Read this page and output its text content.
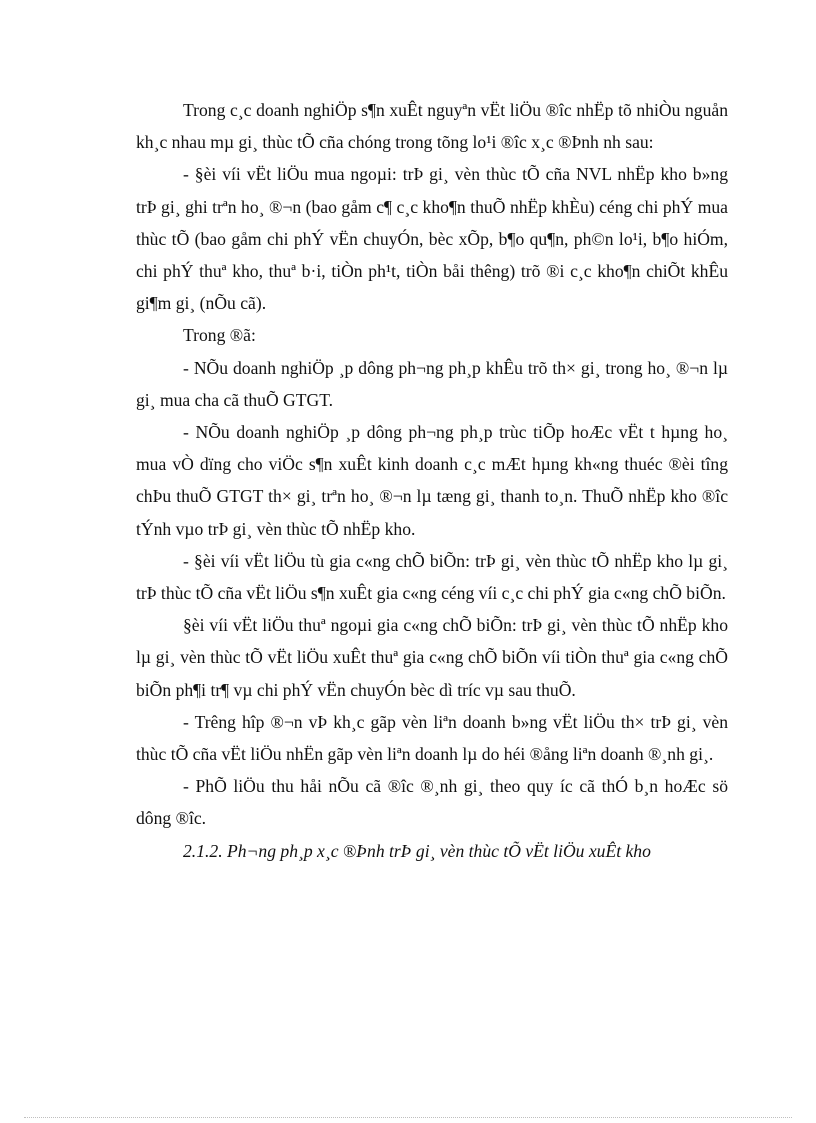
Trong c¸c doanh nghiÖp s¶n xuÊt nguyªn vËt liÖu ®îc nhËp tõ nhiÒu nguån kh¸c nhau mµ gi¸ thùc tÕ cña chóng trong tõng lo¹i ®îc x¸c ®Þnh nh sau:

- §èi víi vËt liÖu mua ngoµi: trÞ gi¸ vèn thùc tÕ cña NVL nhËp kho b»ng trÞ gi¸ ghi trªn ho¸ ®¬n (bao gåm c¶ c¸c kho¶n thuÕ nhËp khÈu) céng chi phÝ mua thùc tÕ (bao gåm chi phÝ vËn chuyÓn, bèc xÕp, b¶o qu¶n, ph©n lo¹i, b¶o hiÓm, chi phÝ thuª kho, thuª b·i, tiÒn ph¹t, tiÒn båi thêng) trõ ®i c¸c kho¶n chiÕt khÊu gi¶m gi¸ (nÕu cã).

Trong ®ã:

- NÕu doanh nghiÖp ¸p dông ph¬ng ph¸p khÊu trõ th× gi¸ trong ho¸ ®¬n lµ gi¸ mua cha cã thuÕ GTGT.

- NÕu doanh nghiÖp ¸p dông ph¬ng ph¸p trùc tiÕp hoÆc vËt t hµng ho¸ mua vÒ dïng cho viÖc s¶n xuÊt kinh doanh c¸c mÆt hµng kh«ng thuéc ®èi tîng chÞu thuÕ GTGT th× gi¸ trªn ho¸ ®¬n lµ tæng gi¸ thanh to¸n. ThuÕ nhËp kho ®îc tÝnh vµo trÞ gi¸ vèn thùc tÕ nhËp kho.

- §èi víi vËt liÖu tù gia c«ng chÕ biÕn: trÞ gi¸ vèn thùc tÕ nhËp kho lµ gi¸ trÞ thùc tÕ cña vËt liÖu s¶n xuÊt gia c«ng céng víi c¸c chi phÝ gia c«ng chÕ biÕn.

§èi víi vËt liÖu thuª ngoµi gia c«ng chÕ biÕn: trÞ gi¸ vèn thùc tÕ nhËp kho lµ gi¸ vèn thùc tÕ vËt liÖu xuÊt thuª gia c«ng chÕ biÕn víi tiÒn thuª gia c«ng chÕ biÕn ph¶i tr¶ vµ chi phÝ vËn chuyÓn bèc dì tríc vµ sau thuÕ.

- Trêng hîp ®¬n vÞ kh¸c gãp vèn liªn doanh b»ng vËt liÖu th× trÞ gi¸ vèn thùc tÕ cña vËt liÖu nhËn gãp vèn liªn doanh lµ do héi ®ång liªn doanh ®¸nh gi¸.

- PhÕ liÖu thu håi nÕu cã ®îc ®¸nh gi¸ theo quy íc cã thÓ b¸n hoÆc sö dông ®îc.

2.1.2. Ph¬ng ph¸p x¸c ®Þnh trÞ gi¸ vèn thùc tÕ vËt liÖu xuÊt kho
